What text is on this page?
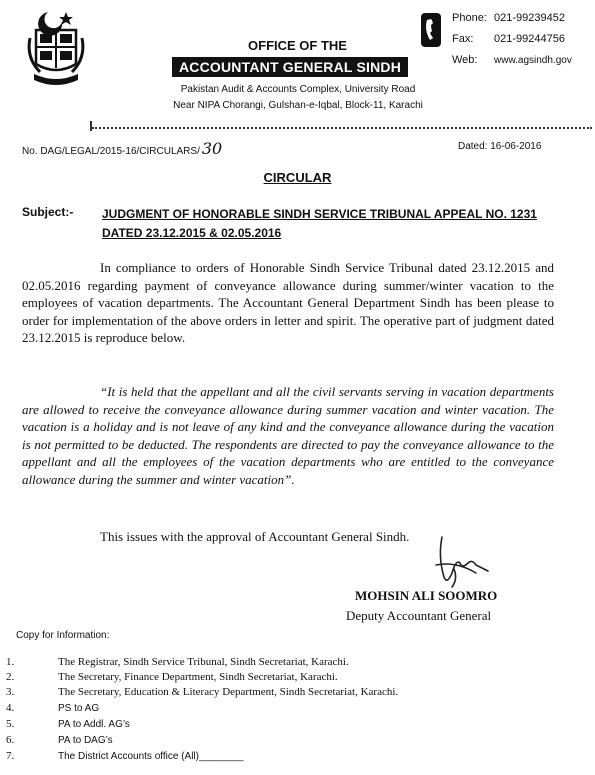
OFFICE OF THE
ACCOUNTANT GENERAL SINDH
Pakistan Audit & Accounts Complex, University Road
Near NIPA Chorangi, Gulshan-e-Iqbal, Block-11, Karachi
Phone: 021-99239452
Fax: 021-99244756
Web: www.agsindh.gov
No. DAG/LEGAL/2015-16/CIRCULARS/ 30	Dated: 16-06-2016
CIRCULAR
Subject:- JUDGMENT OF HONORABLE SINDH SERVICE TRIBUNAL APPEAL NO. 1231 DATED 23.12.2015 & 02.05.2016
In compliance to orders of Honorable Sindh Service Tribunal dated 23.12.2015 and 02.05.2016 regarding payment of conveyance allowance during summer/winter vacation to the employees of vacation departments. The Accountant General Department Sindh has been please to order for implementation of the above orders in letter and spirit. The operative part of judgment dated 23.12.2015 is reproduce below.
“It is held that the appellant and all the civil servants serving in vacation departments are allowed to receive the conveyance allowance during summer vacation and winter vacation. The vacation is a holiday and is not leave of any kind and the conveyance allowance during the vacation is not permitted to be deducted. The respondents are directed to pay the conveyance allowance to the appellant and all the employees of the vacation departments who are entitled to the conveyance allowance during the summer and winter vacation”.
This issues with the approval of Accountant General Sindh.
MOHSIN ALI SOOMRO
Deputy Accountant General
Copy for Information:
1.	The Registrar, Sindh Service Tribunal, Sindh Secretariat, Karachi.
2.	The Secretary, Finance Department, Sindh Secretariat, Karachi.
3.	The Secretary, Education & Literacy Department, Sindh Secretariat, Karachi.
4.	PS to AG
5.	PA to Addl. AG’s
6.	PA to DAG’s
7.	The District Accounts office (All)________
